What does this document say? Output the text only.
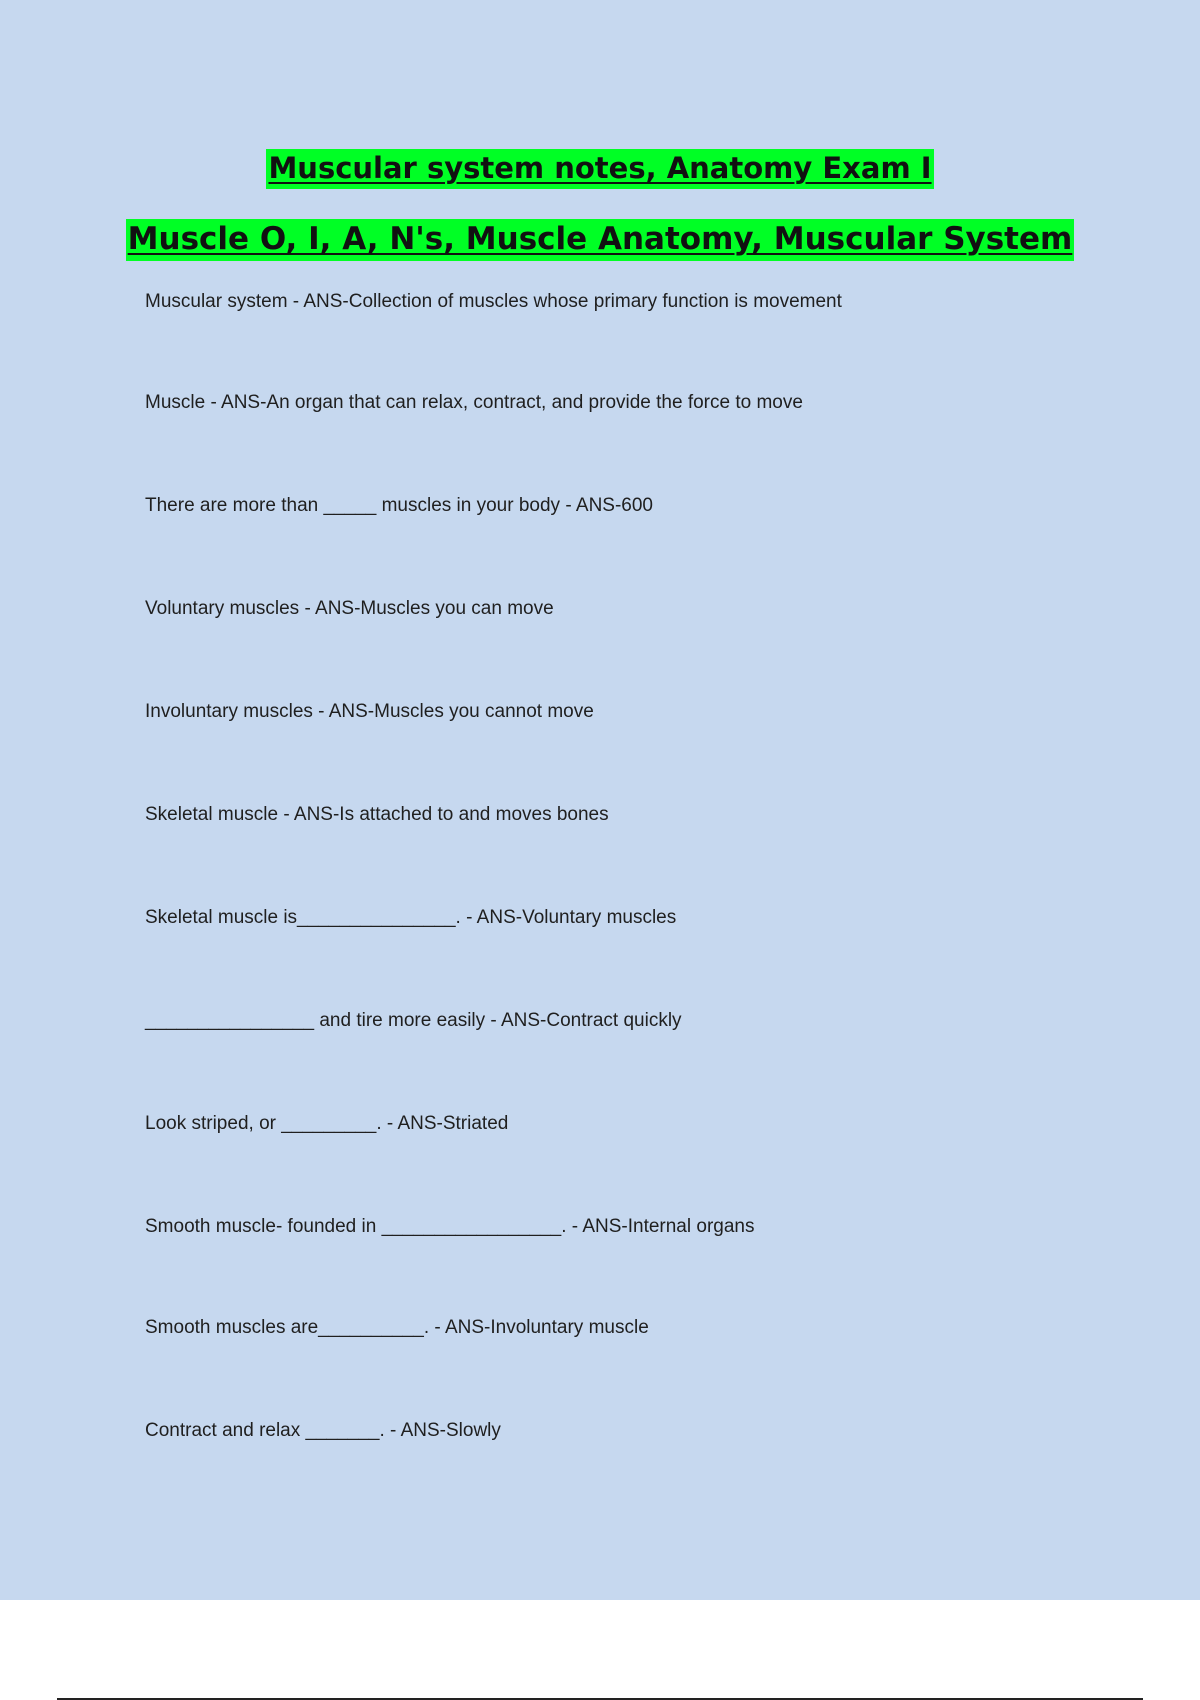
Muscular system notes, Anatomy Exam I
Muscle O, I, A, N's, Muscle Anatomy, Muscular System
Muscular system - ANS-Collection of muscles whose primary function is movement
Muscle - ANS-An organ that can relax, contract, and provide the force to move
There are more than _____ muscles in your body - ANS-600
Voluntary muscles - ANS-Muscles you can move
Involuntary muscles - ANS-Muscles you cannot move
Skeletal muscle - ANS-Is attached to and moves bones
Skeletal muscle is_______________. - ANS-Voluntary muscles
________________ and tire more easily - ANS-Contract quickly
Look striped, or _________. - ANS-Striated
Smooth muscle- founded in _________________. - ANS-Internal organs
Smooth muscles are__________. - ANS-Involuntary muscle
Contract and relax _______. - ANS-Slowly
